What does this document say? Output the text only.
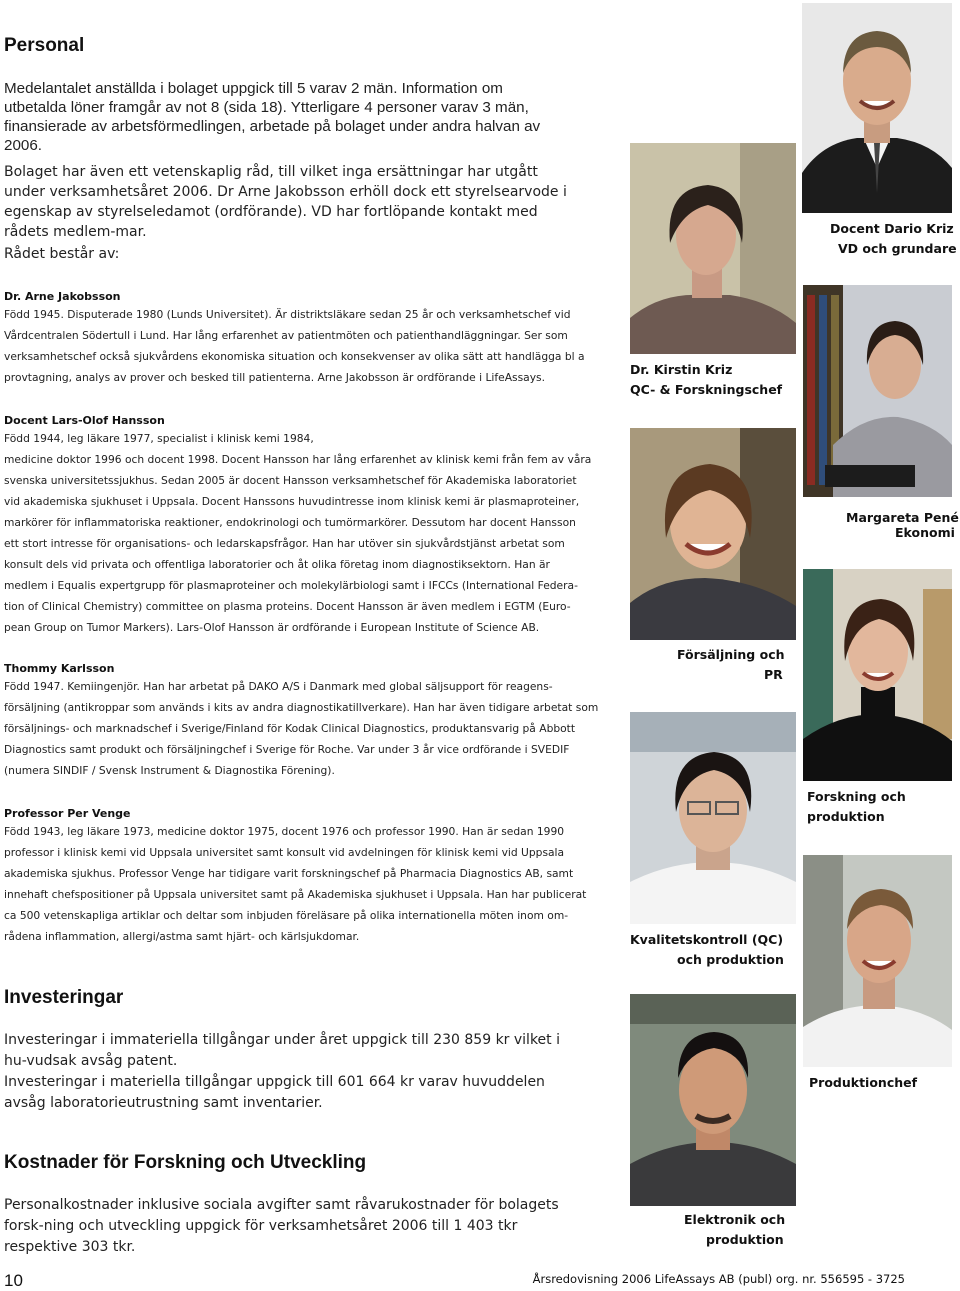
Personal
Medelantalet anställda i bolaget uppgick till 5 varav 2 män. Information om utbetalda löner framgår av not 8 (sida 18). Ytterligare 4 personer varav 3 män, finansierade av arbetsförmedlingen, arbetade på bolaget under andra halvan av 2006.
Bolaget har även ett vetenskaplig råd, till vilket inga ersättningar har utgått under verksamhetsåret 2006. Dr Arne Jakobsson erhöll dock ett styrelsearvode i egenskap av styrelseledamot (ordförande). VD har fortlöpande kontakt med rådets medlem-mar.
Rådet består av:
Dr. Arne Jakobsson

Född 1945. Disputerade 1980 (Lunds Universitet). Är distriktsläkare sedan 25 år och verksamhetschef vid

Vårdcentralen Södertull i Lund. Har lång erfarenhet av patientmöten och patienthandläggningar. Ser som

verksamhetschef också sjukvårdens ekonomiska situation och konsekvenser av olika sätt att handlägga bl a

provtagning, analys av prover och besked till patienterna. Arne Jakobsson är ordförande i LifeAssays.

Docent Lars-Olof Hansson

Född 1944, leg läkare 1977, specialist i klinisk kemi 1984,

medicine doktor 1996 och docent 1998. Docent Hansson har lång erfarenhet av klinisk kemi från fem av våra

svenska universitetssjukhus. Sedan 2005 är docent Hansson verksamhetschef för Akademiska laboratoriet

vid akademiska sjukhuset i Uppsala. Docent Hanssons huvudintresse inom klinisk kemi är plasmaproteiner,

markörer för inflammatoriska reaktioner, endokrinologi och tumörmarkörer. Dessutom har docent Hansson

ett stort intresse för organisations- och ledarskapsfrågor. Han har utöver sin sjukvårdstjänst arbetat som

konsult dels vid privata och offentliga laboratorier och åt olika företag inom diagnostiksektorn. Han är

medlem i Equalis expertgrupp för plasmaproteiner och molekylärbiologi samt i IFCCs (International Federa-

tion of Clinical Chemistry) committee on plasma proteins. Docent Hansson är även medlem i EGTM (Euro-

pean Group on Tumor Markers). Lars-Olof Hansson är ordförande i European Institute of Science AB.

Thommy Karlsson

Född 1947. Kemiingenjör. Han har arbetat på DAKO A/S i Danmark med global säljsupport för reagens-

försäljning (antikroppar som används i kits av andra diagnostikatillverkare). Han har även tidigare arbetat som

försäljnings- och marknadschef i Sverige/Finland för Kodak Clinical Diagnostics, produktansvarig på Abbott

Diagnostics samt produkt och försäljningchef i Sverige för Roche. Var under 3 år vice ordförande i SVEDIF

(numera SINDIF / Svensk Instrument & Diagnostika Förening).

Professor Per Venge

Född 1943, leg läkare 1973, medicine doktor 1975, docent 1976 och professor 1990. Han är sedan 1990

professor i klinisk kemi vid Uppsala universitet samt konsult vid avdelningen för klinisk kemi vid Uppsala

akademiska sjukhus. Professor Venge har tidigare varit forskningschef på Pharmacia Diagnostics AB, samt

innehaft chefspositioner på Uppsala universitet samt på Akademiska sjukhuset i Uppsala. Han har publicerat

ca 500 vetenskapliga artiklar och deltar som inbjuden föreläsare på olika internationella möten inom om-

rådena inflammation, allergi/astma samt hjärt- och kärlsjukdomar.

Investeringar
Investeringar i immateriella tillgångar under året uppgick till 230 859 kr vilket i hu-vudsak avsåg patent.
Investeringar i materiella tillgångar uppgick till 601 664 kr varav huvuddelen avsåg laboratorieutrustning samt inventarier.
Kostnader för Forskning och Utveckling
Personalkostnader inklusive sociala avgifter samt råvarukostnader för bolagets forsk-ning och utveckling uppgick för verksamhetsåret 2006 till 1 403 tkr respektive 303 tkr.
10	Årsredovisning 2006 LifeAssays AB (publ) org. nr. 556595 - 3725
Docent Dario Kriz
VD och grundare
Dr. Kirstin Kriz
QC- & Forskningschef
Margareta Pené
Ekonomi
Försäljning och
PR
Forskning och
produktion
Kvalitetskontroll (QC)
och produktion
Produktionchef
Elektronik och
produktion
